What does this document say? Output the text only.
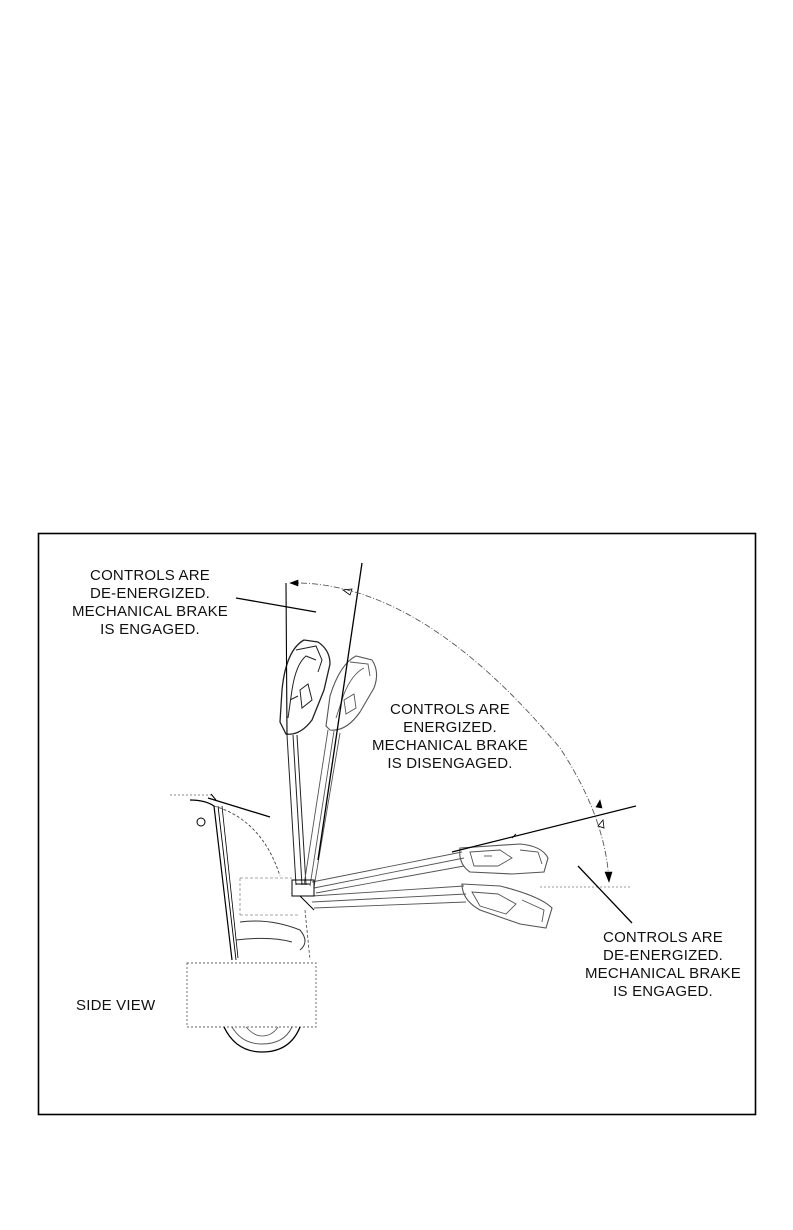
CONTROLS ARE
DE-ENERGIZED.
MECHANICAL BRAKE
IS ENGAGED.
CONTROLS ARE
ENERGIZED.
MECHANICAL BRAKE
IS DISENGAGED.
CONTROLS ARE
DE-ENERGIZED.
MECHANICAL BRAKE
IS ENGAGED.
SIDE VIEW
